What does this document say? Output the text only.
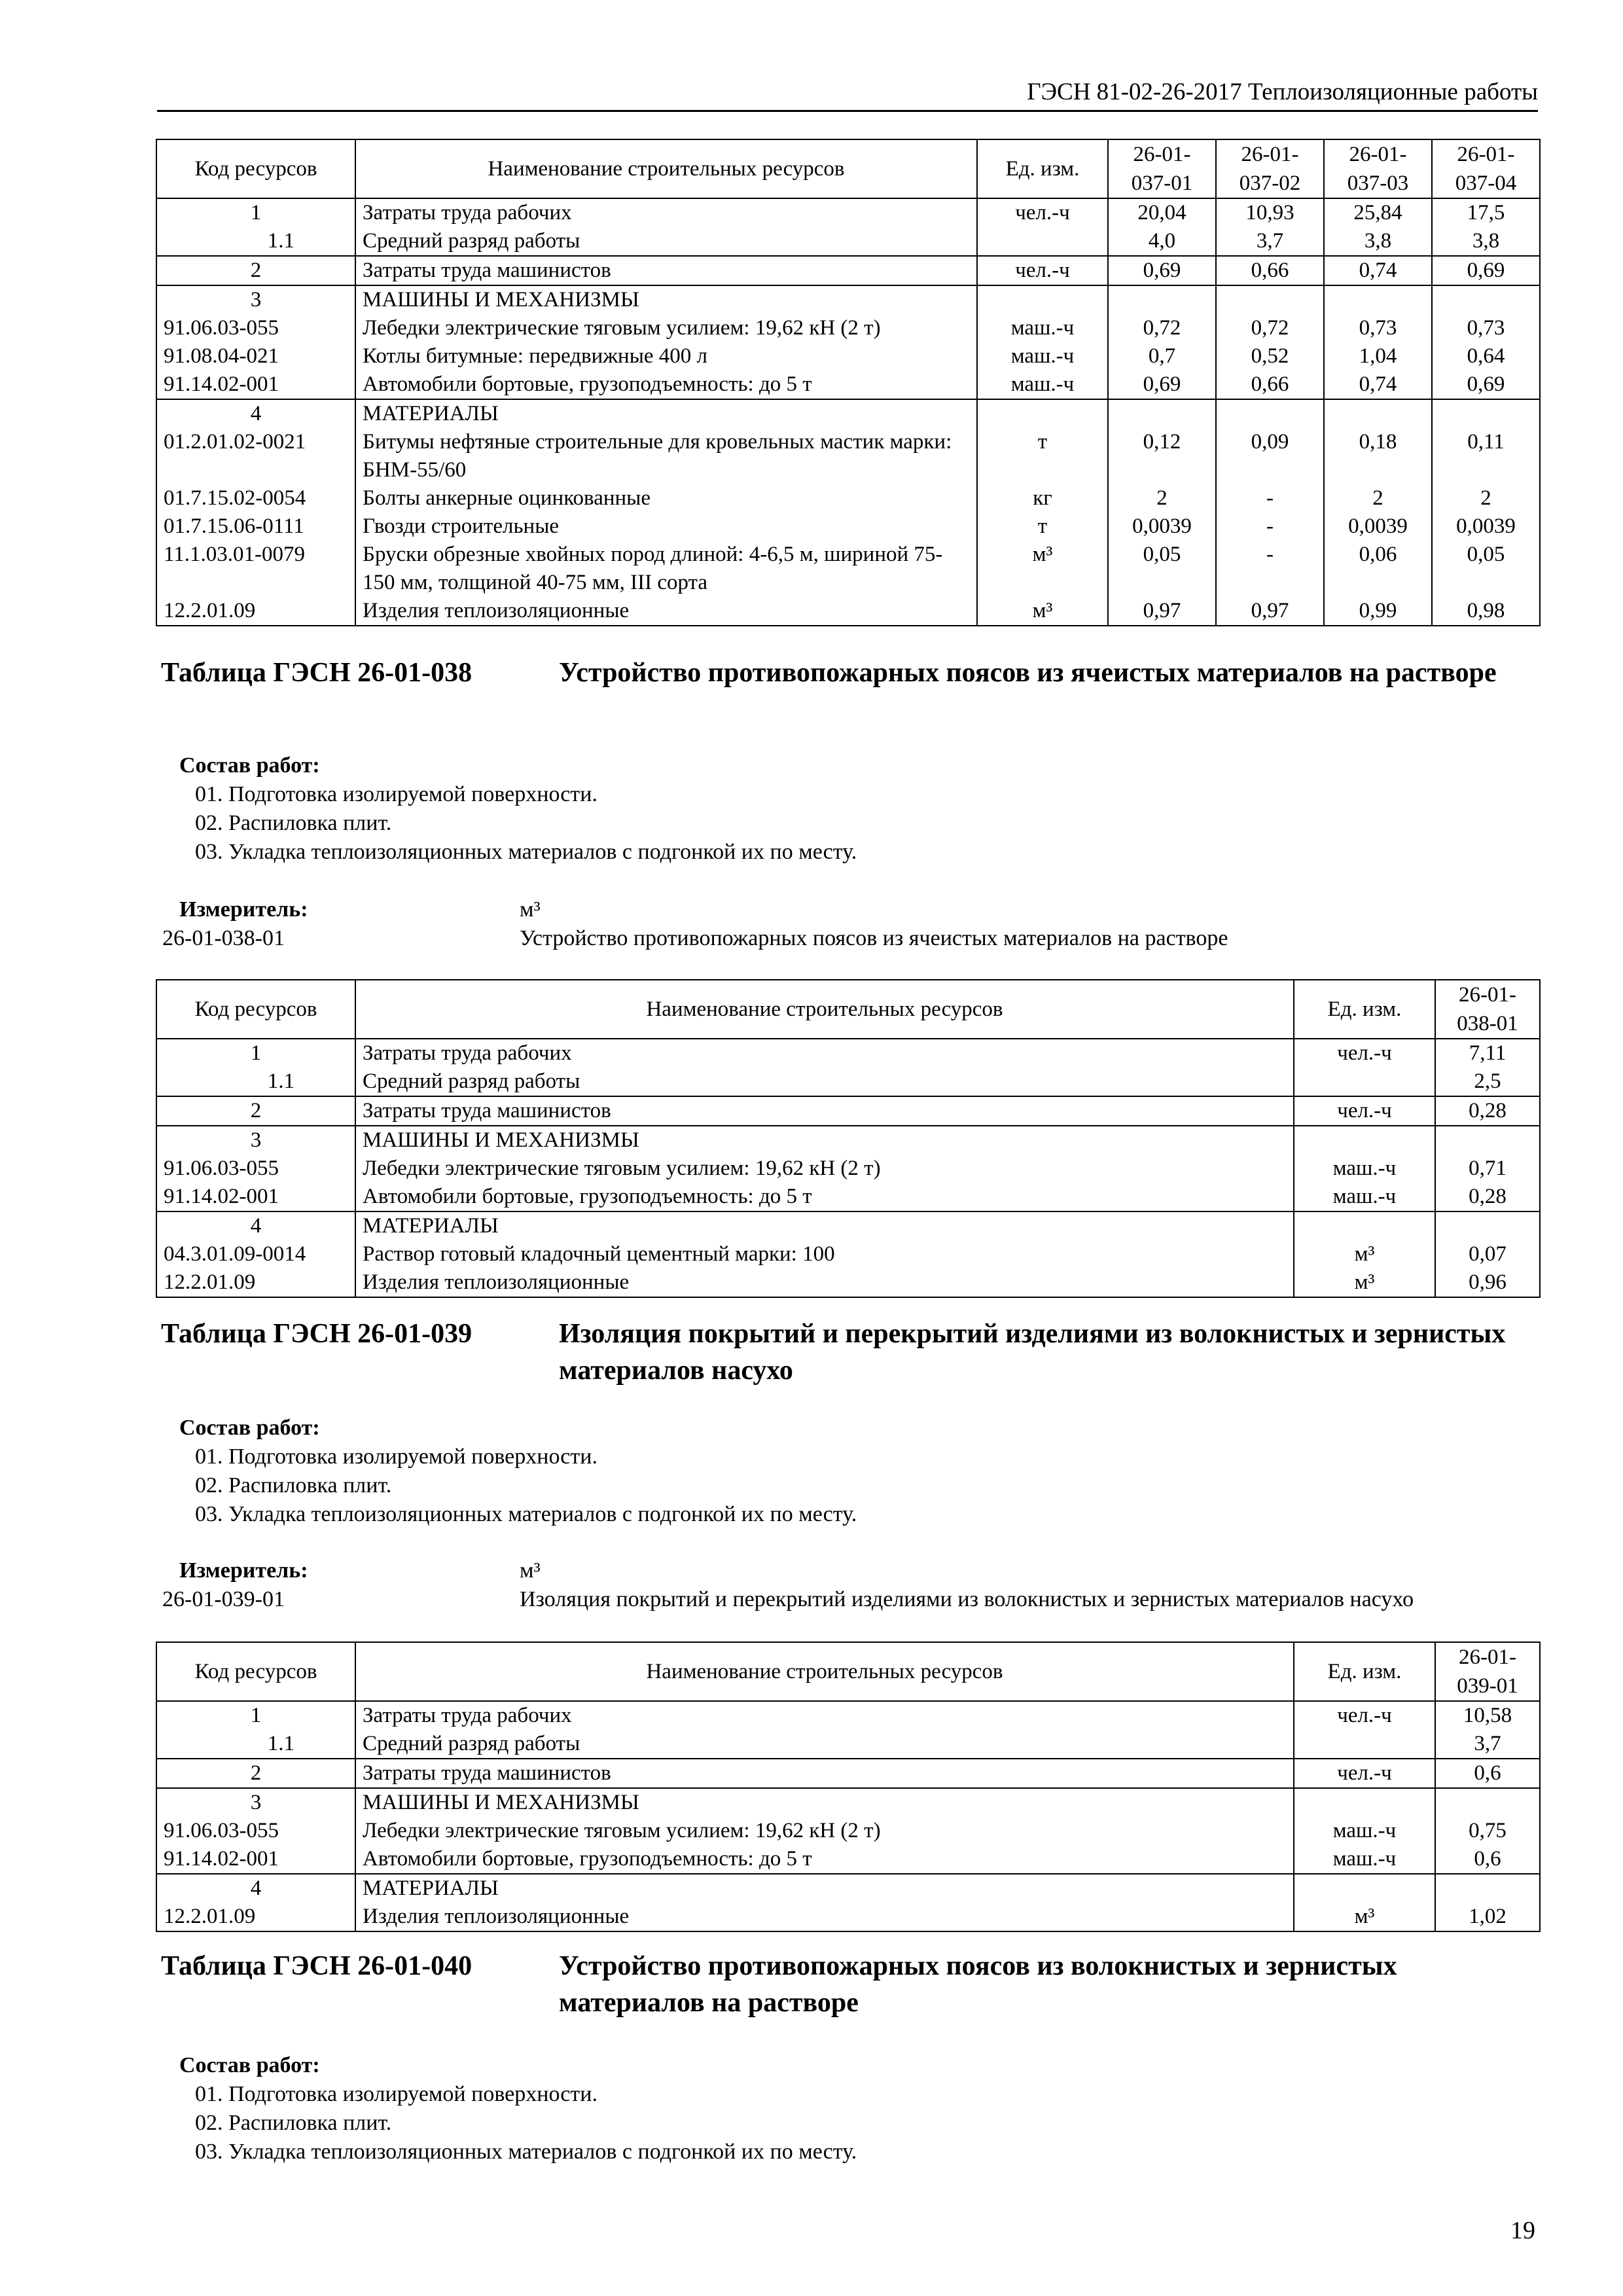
ГЭСН 81-02-26-2017 Теплоизоляционные работы
Код ресурсов	Наименование строительных ресурсов	Ед. изм.	26-01-037-01	26-01-037-02	26-01-037-03	26-01-037-04
1	Затраты труда рабочих	чел.-ч	20,04	10,93	25,84	17,5
1.1	Средний разряд работы		4,0	3,7	3,8	3,8
2	Затраты труда машинистов	чел.-ч	0,69	0,66	0,74	0,69
3	МАШИНЫ И МЕХАНИЗМЫ					
91.06.03-055	Лебедки электрические тяговым усилием: 19,62 кН (2 т)	маш.-ч	0,72	0,72	0,73	0,73
91.08.04-021	Котлы битумные: передвижные 400 л	маш.-ч	0,7	0,52	1,04	0,64
91.14.02-001	Автомобили бортовые, грузоподъемность: до 5 т	маш.-ч	0,69	0,66	0,74	0,69
4	МАТЕРИАЛЫ					
01.2.01.02-0021	Битумы нефтяные строительные для кровельных мастик марки: БНМ-55/60	т	0,12	0,09	0,18	0,11
01.7.15.02-0054	Болты анкерные оцинкованные	кг	2	-	2	2
01.7.15.06-0111	Гвозди строительные	т	0,0039	-	0,0039	0,0039
11.1.03.01-0079	Бруски обрезные хвойных пород длиной: 4-6,5 м, шириной 75-150 мм, толщиной 40-75 мм, III сорта	м³	0,05	-	0,06	0,05
12.2.01.09	Изделия теплоизоляционные	м³	0,97	0,97	0,99	0,98
Таблица ГЭСН 26-01-038	Устройство противопожарных поясов из ячеистых материалов на растворе
Состав работ:
01. Подготовка изолируемой поверхности.
02. Распиловка плит.
03. Укладка теплоизоляционных материалов с подгонкой их по месту.
Измеритель:	м³
26-01-038-01	Устройство противопожарных поясов из ячеистых материалов на растворе
Код ресурсов	Наименование строительных ресурсов	Ед. изм.	26-01-038-01
1	Затраты труда рабочих	чел.-ч	7,11
1.1	Средний разряд работы		2,5
2	Затраты труда машинистов	чел.-ч	0,28
3	МАШИНЫ И МЕХАНИЗМЫ		
91.06.03-055	Лебедки электрические тяговым усилием: 19,62 кН (2 т)	маш.-ч	0,71
91.14.02-001	Автомобили бортовые, грузоподъемность: до 5 т	маш.-ч	0,28
4	МАТЕРИАЛЫ		
04.3.01.09-0014	Раствор готовый кладочный цементный марки: 100	м³	0,07
12.2.01.09	Изделия теплоизоляционные	м³	0,96
Таблица ГЭСН 26-01-039	Изоляция покрытий и перекрытий изделиями из волокнистых и зернистых материалов насухо
Состав работ:
01. Подготовка изолируемой поверхности.
02. Распиловка плит.
03. Укладка теплоизоляционных материалов с подгонкой их по месту.
Измеритель:	м³
26-01-039-01	Изоляция покрытий и перекрытий изделиями из волокнистых и зернистых материалов насухо
Код ресурсов	Наименование строительных ресурсов	Ед. изм.	26-01-039-01
1	Затраты труда рабочих	чел.-ч	10,58
1.1	Средний разряд работы		3,7
2	Затраты труда машинистов	чел.-ч	0,6
3	МАШИНЫ И МЕХАНИЗМЫ		
91.06.03-055	Лебедки электрические тяговым усилием: 19,62 кН (2 т)	маш.-ч	0,75
91.14.02-001	Автомобили бортовые, грузоподъемность: до 5 т	маш.-ч	0,6
4	МАТЕРИАЛЫ		
12.2.01.09	Изделия теплоизоляционные	м³	1,02
Таблица ГЭСН 26-01-040	Устройство противопожарных поясов из волокнистых и зернистых материалов на растворе
Состав работ:
01. Подготовка изолируемой поверхности.
02. Распиловка плит.
03. Укладка теплоизоляционных материалов с подгонкой их по месту.
19
